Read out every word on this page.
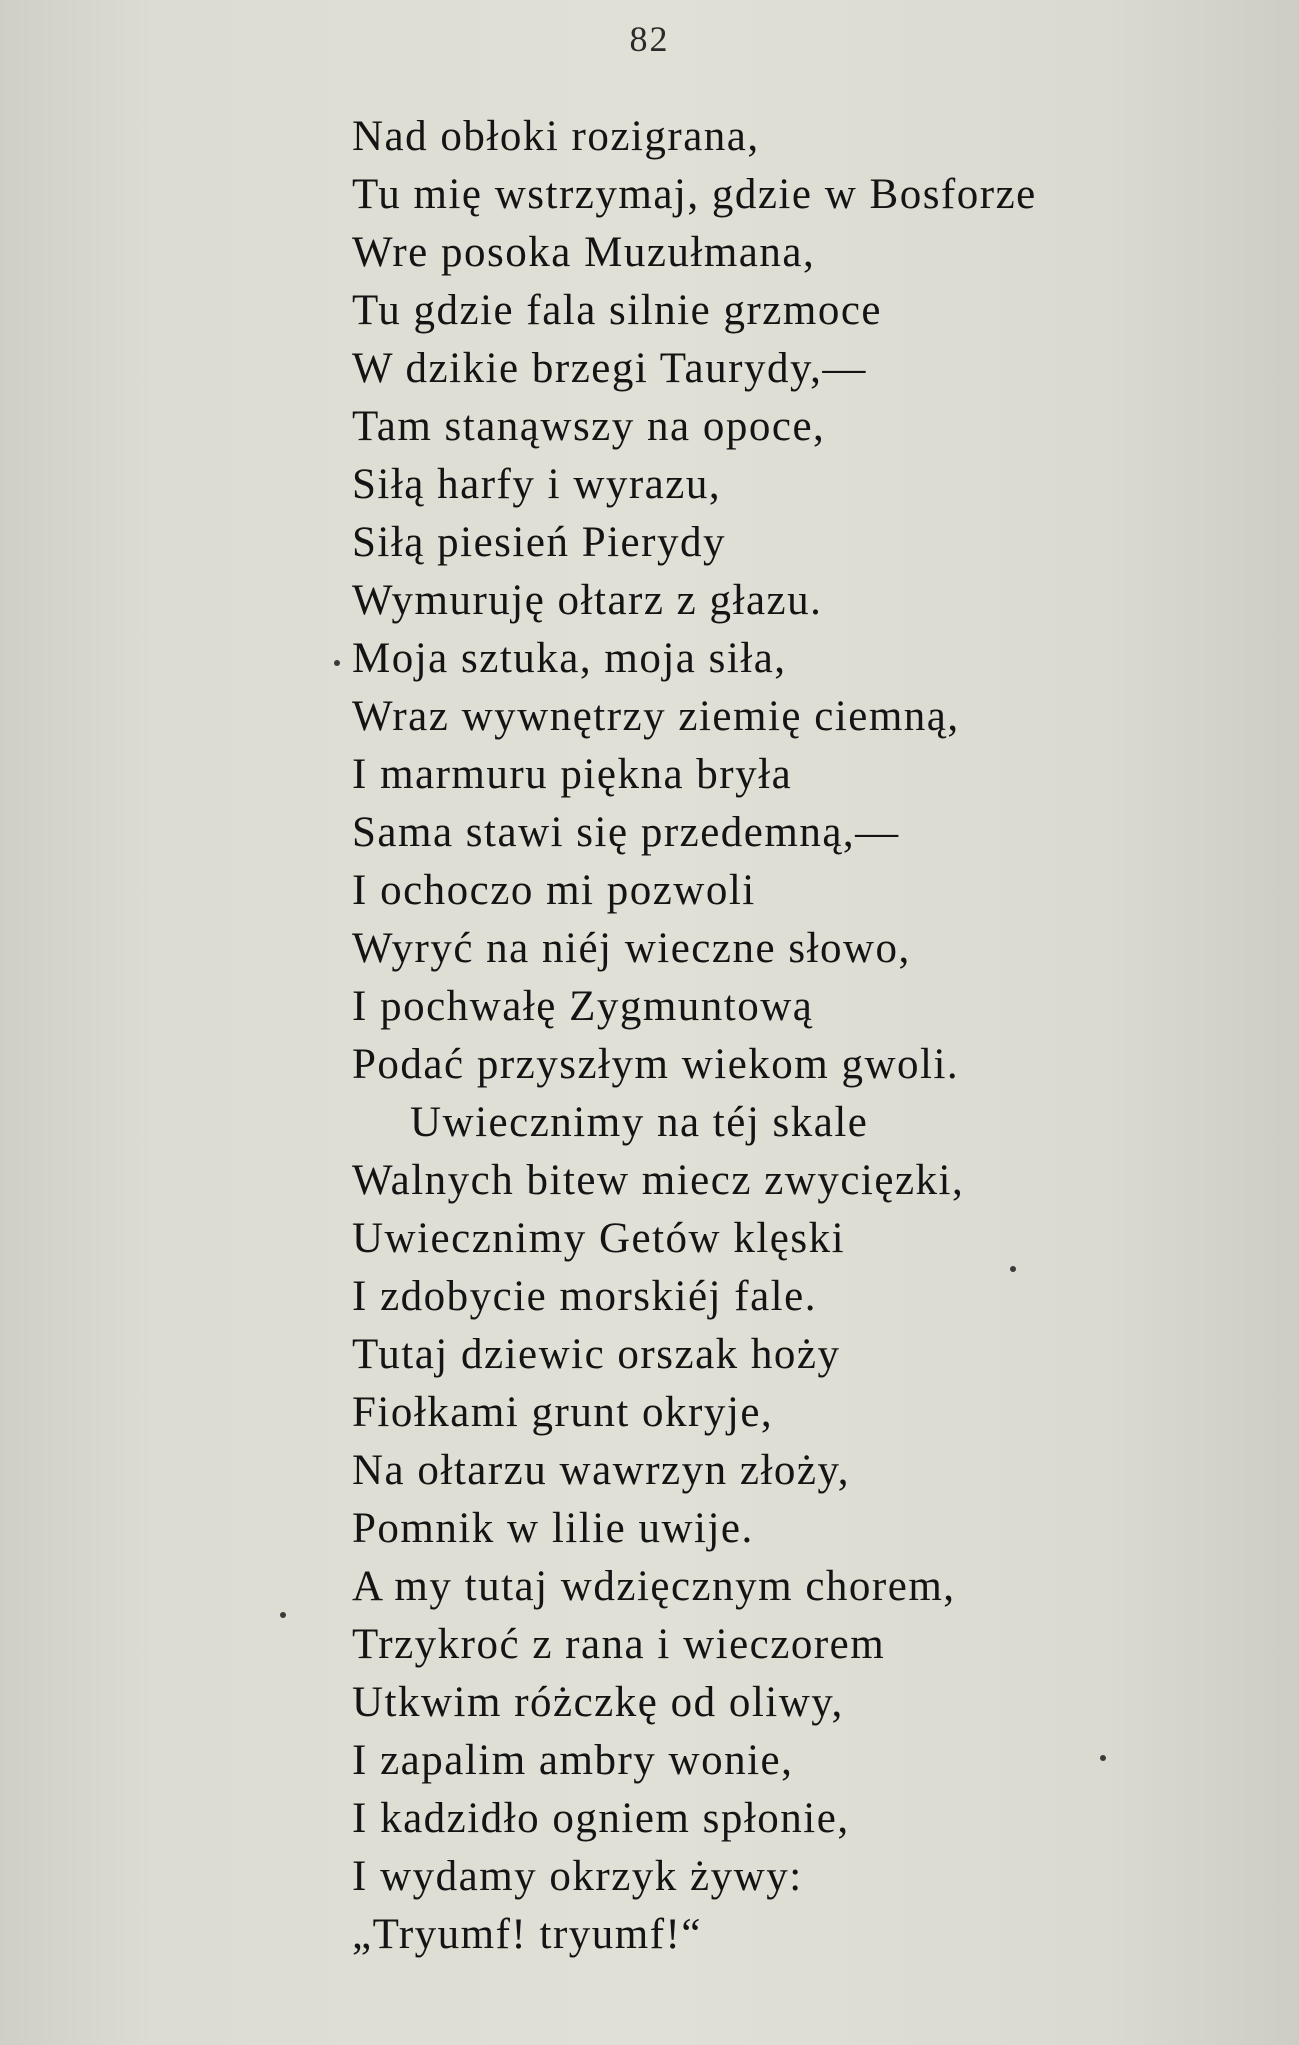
82
Nad obłoki rozigrana,
Tu mię wstrzymaj, gdzie w Bosforze
Wre posoka Muzułmana,
Tu gdzie fala silnie grzmoce
W dzikie brzegi Taurydy,—
Tam stanąwszy na opoce,
Siłą harfy i wyrazu,
Siłą piesień Pierydy
Wymuruję ołtarz z głazu.
Moja sztuka, moja siła,
Wraz wywnętrzy ziemię ciemną,
I marmuru piękna bryła
Sama stawi się przedemną,—
I ochoczo mi pozwoli
Wyryć na niéj wieczne słowo,
I pochwałę Zygmuntową
Podać przyszłym wiekom gwoli.
Uwiecznimy na téj skale
Walnych bitew miecz zwycięzki,
Uwiecznimy Getów klęski
I zdobycie morskiéj fale.
Tutaj dziewic orszak hoży
Fiołkami grunt okryje,
Na ołtarzu wawrzyn złoży,
Pomnik w lilie uwije.
A my tutaj wdzięcznym chorem,
Trzykroć z rana i wieczorem
Utkwim różczkę od oliwy,
I zapalim ambry wonie,
I kadzidło ogniem spłonie,
I wydamy okrzyk żywy:
„Tryumf! tryumf!“
